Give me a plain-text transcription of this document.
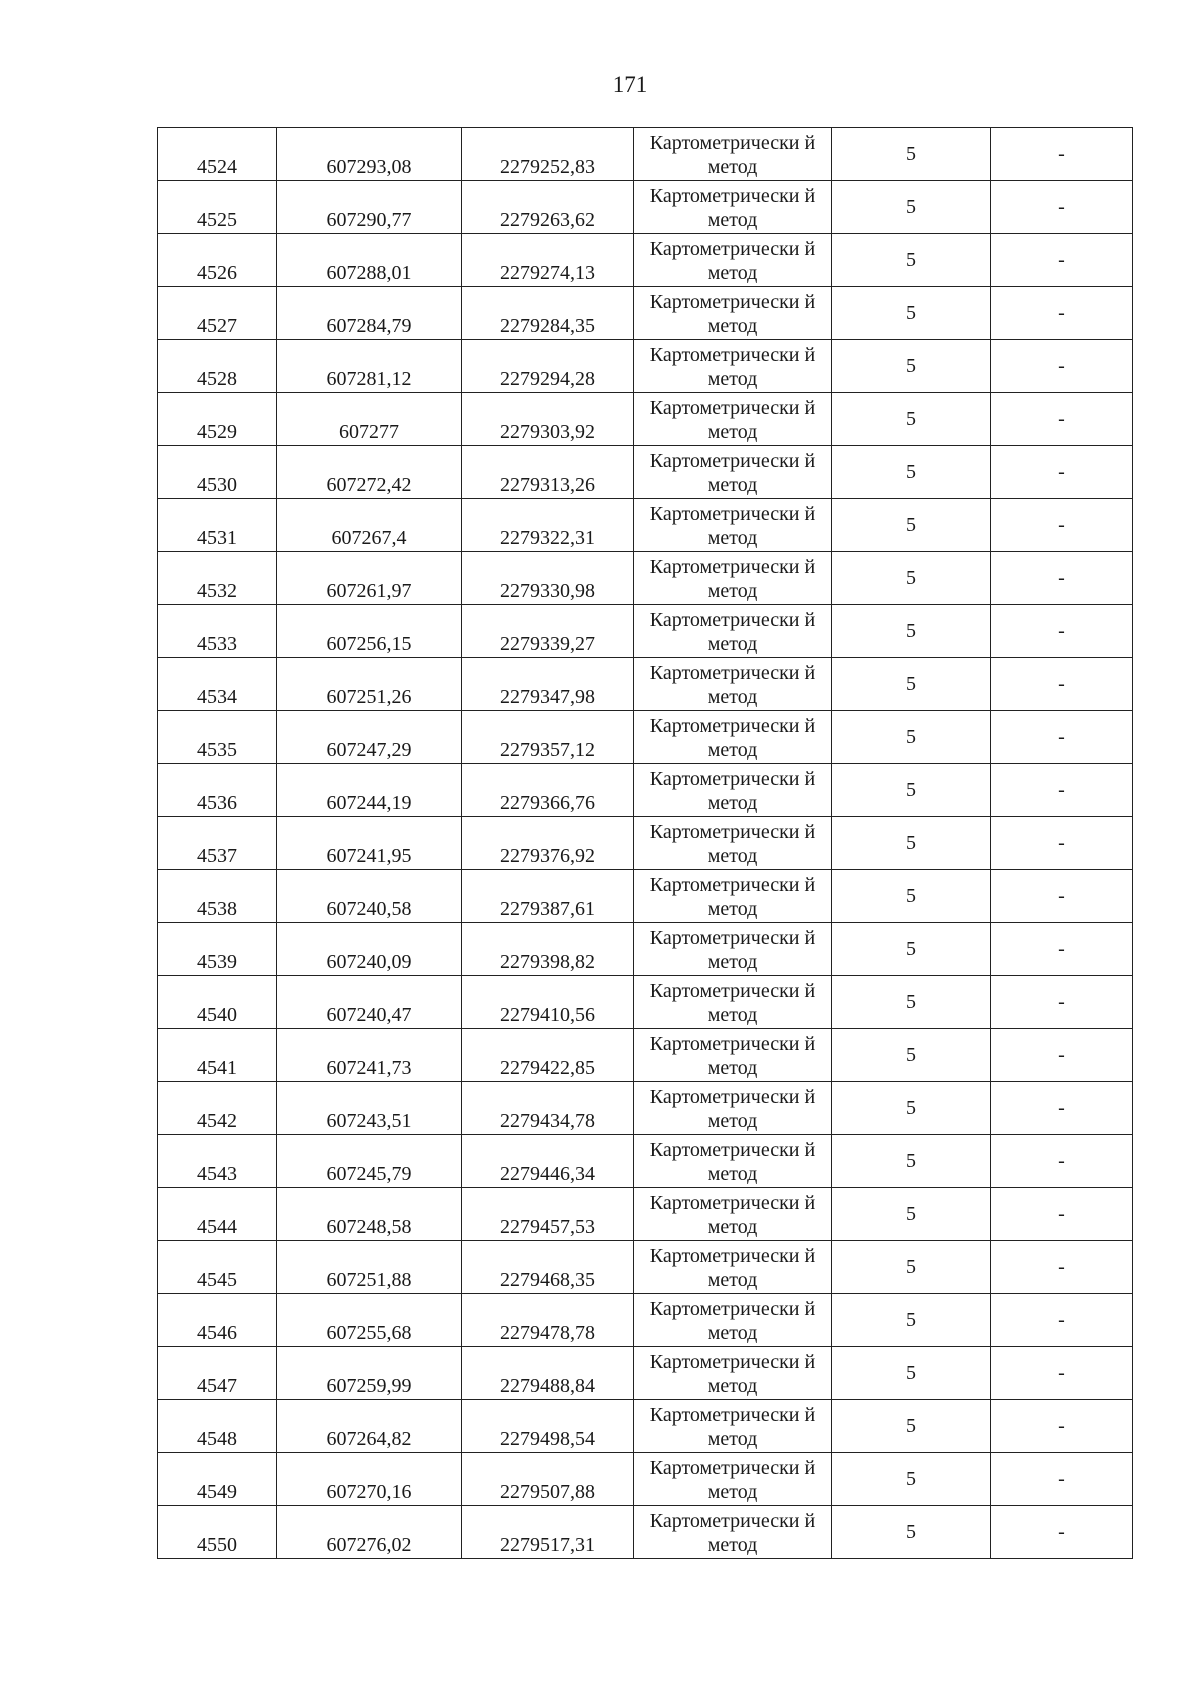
171
4524	607293,08	2279252,83	Картометрически й метод	5	-
4525	607290,77	2279263,62	Картометрически й метод	5	-
4526	607288,01	2279274,13	Картометрически й метод	5	-
4527	607284,79	2279284,35	Картометрически й метод	5	-
4528	607281,12	2279294,28	Картометрически й метод	5	-
4529	607277	2279303,92	Картометрически й метод	5	-
4530	607272,42	2279313,26	Картометрически й метод	5	-
4531	607267,4	2279322,31	Картометрически й метод	5	-
4532	607261,97	2279330,98	Картометрически й метод	5	-
4533	607256,15	2279339,27	Картометрически й метод	5	-
4534	607251,26	2279347,98	Картометрически й метод	5	-
4535	607247,29	2279357,12	Картометрически й метод	5	-
4536	607244,19	2279366,76	Картометрически й метод	5	-
4537	607241,95	2279376,92	Картометрически й метод	5	-
4538	607240,58	2279387,61	Картометрически й метод	5	-
4539	607240,09	2279398,82	Картометрически й метод	5	-
4540	607240,47	2279410,56	Картометрически й метод	5	-
4541	607241,73	2279422,85	Картометрически й метод	5	-
4542	607243,51	2279434,78	Картометрически й метод	5	-
4543	607245,79	2279446,34	Картометрически й метод	5	-
4544	607248,58	2279457,53	Картометрически й метод	5	-
4545	607251,88	2279468,35	Картометрически й метод	5	-
4546	607255,68	2279478,78	Картометрически й метод	5	-
4547	607259,99	2279488,84	Картометрически й метод	5	-
4548	607264,82	2279498,54	Картометрически й метод	5	-
4549	607270,16	2279507,88	Картометрически й метод	5	-
4550	607276,02	2279517,31	Картометрически й метод	5	-
